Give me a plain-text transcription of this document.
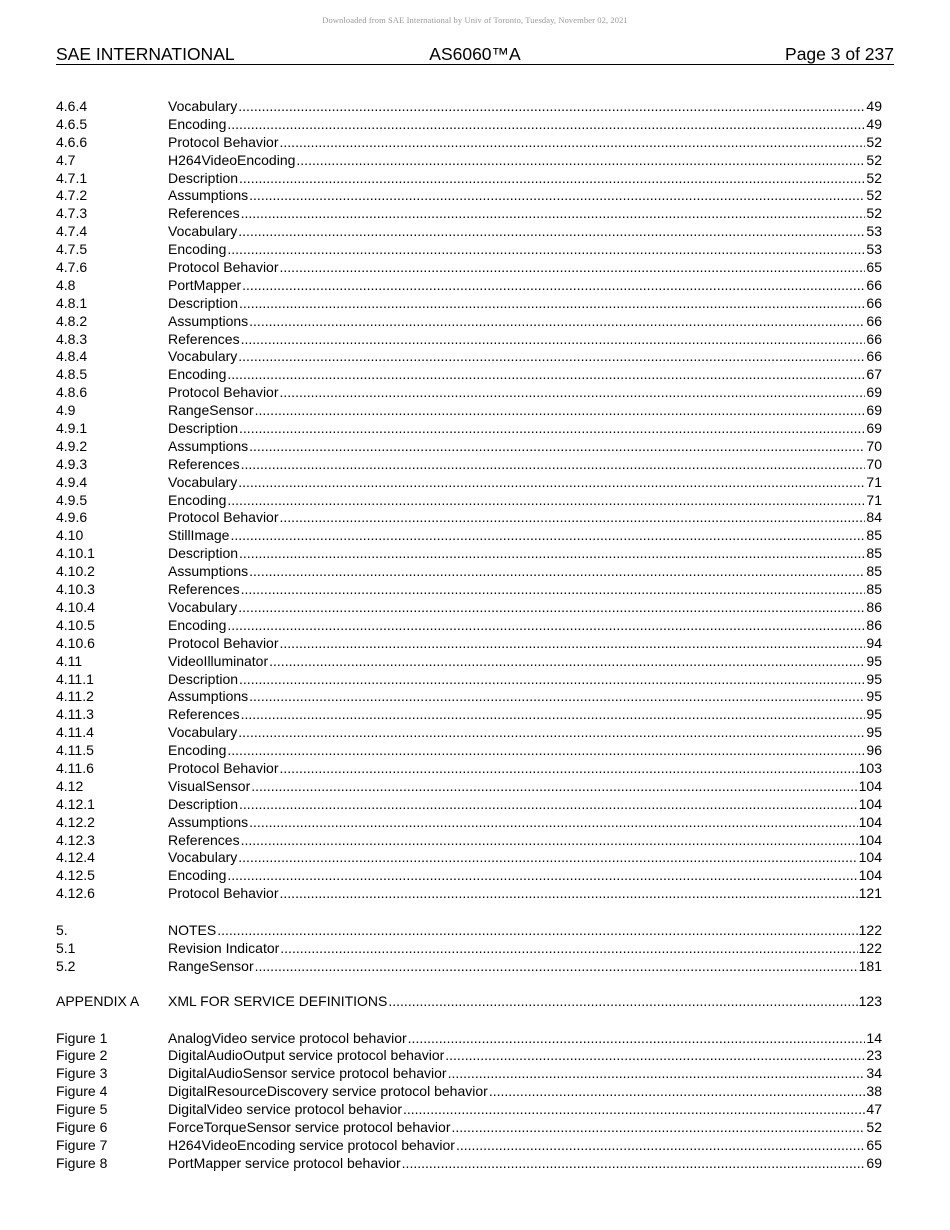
Downloaded from SAE International by Univ of Toronto, Tuesday, November 02, 2021
SAE INTERNATIONAL	AS6060™A	Page 3 of 237
4.6.4	Vocabulary .....	49
4.6.5	Encoding .....	49
4.6.6	Protocol Behavior .....	52
4.7	H264VideoEncoding .....	52
4.7.1	Description .....	52
4.7.2	Assumptions .....	52
4.7.3	References .....	52
4.7.4	Vocabulary .....	53
4.7.5	Encoding .....	53
4.7.6	Protocol Behavior .....	65
4.8	PortMapper .....	66
4.8.1	Description .....	66
4.8.2	Assumptions .....	66
4.8.3	References .....	66
4.8.4	Vocabulary .....	66
4.8.5	Encoding .....	67
4.8.6	Protocol Behavior .....	69
4.9	RangeSensor .....	69
4.9.1	Description .....	69
4.9.2	Assumptions .....	70
4.9.3	References .....	70
4.9.4	Vocabulary .....	71
4.9.5	Encoding .....	71
4.9.6	Protocol Behavior .....	84
4.10	StillImage .....	85
4.10.1	Description .....	85
4.10.2	Assumptions .....	85
4.10.3	References .....	85
4.10.4	Vocabulary .....	86
4.10.5	Encoding .....	86
4.10.6	Protocol Behavior .....	94
4.11	VideoIlluminator .....	95
4.11.1	Description .....	95
4.11.2	Assumptions .....	95
4.11.3	References .....	95
4.11.4	Vocabulary .....	95
4.11.5	Encoding .....	96
4.11.6	Protocol Behavior .....	103
4.12	VisualSensor .....	104
4.12.1	Description .....	104
4.12.2	Assumptions .....	104
4.12.3	References .....	104
4.12.4	Vocabulary .....	104
4.12.5	Encoding .....	104
4.12.6	Protocol Behavior .....	121
5.	NOTES .....	122
5.1	Revision Indicator .....	122
5.2	RangeSensor .....	181
APPENDIX A XML FOR SERVICE DEFINITIONS .....	123
Figure 1	AnalogVideo service protocol behavior .....	14
Figure 2	DigitalAudioOutput service protocol behavior .....	23
Figure 3	DigitalAudioSensor service protocol behavior .....	34
Figure 4	DigitalResourceDiscovery service protocol behavior .....	38
Figure 5	DigitalVideo service protocol behavior .....	47
Figure 6	ForceTorqueSensor service protocol behavior .....	52
Figure 7	H264VideoEncoding service protocol behavior .....	65
Figure 8	PortMapper service protocol behavior .....	69
